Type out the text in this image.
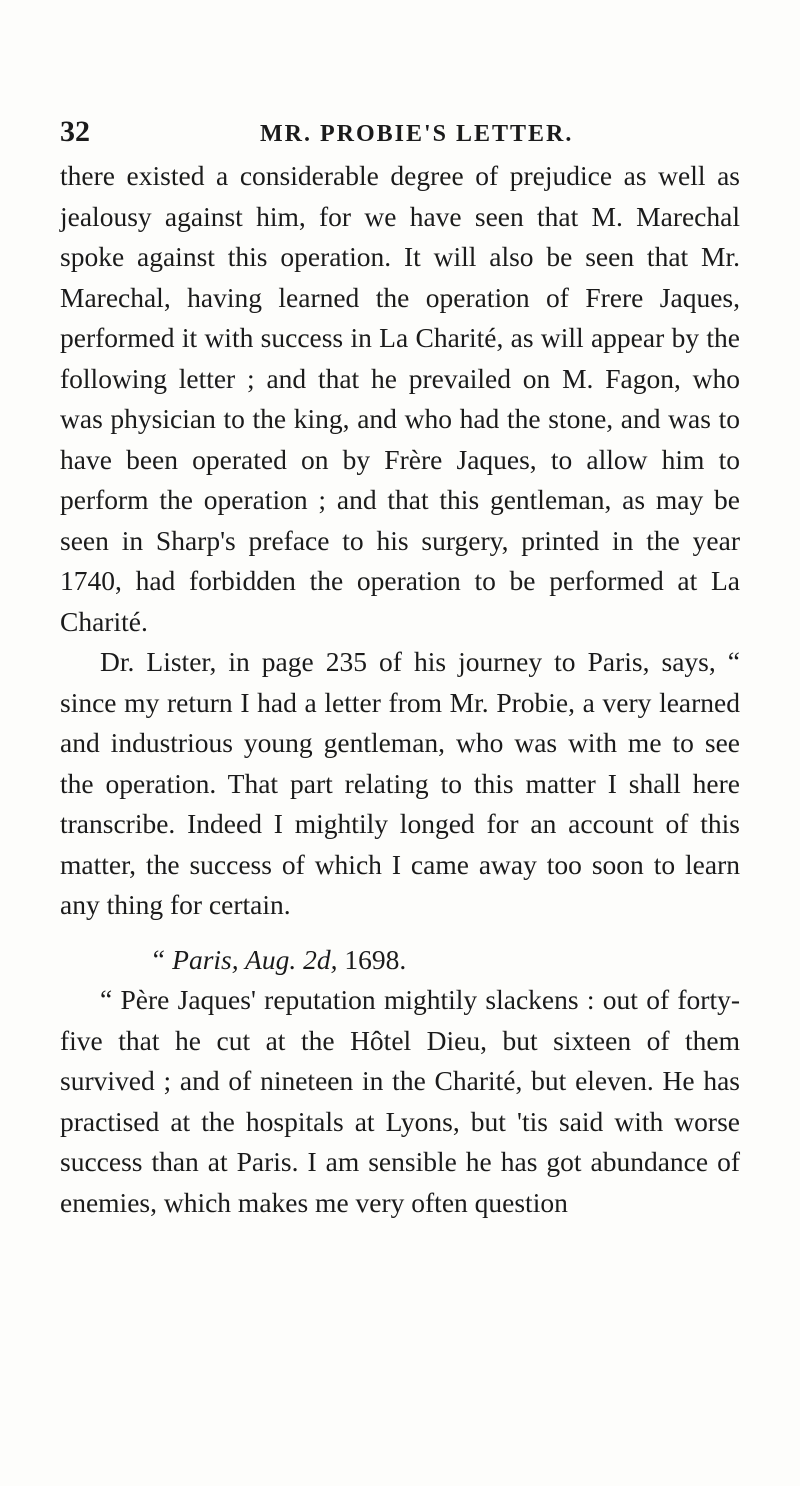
32	MR. PROBIE'S LETTER.

there existed a considerable degree of prejudice as well as jealousy against him, for we have seen that M. Marechal spoke against this operation. It will also be seen that Mr. Marechal, having learned the operation of Frere Jaques, performed it with success in La Charité, as will appear by the following letter ; and that he prevailed on M. Fagon, who was physician to the king, and who had the stone, and was to have been operated on by Frère Jaques, to allow him to perform the operation ; and that this gentleman, as may be seen in Sharp's preface to his surgery, printed in the year 1740, had forbidden the operation to be performed at La Charité.

Dr. Lister, in page 235 of his journey to Paris, says, “ since my return I had a letter from Mr. Probie, a very learned and industrious young gentleman, who was with me to see the operation. That part relating to this matter I shall here transcribe. Indeed I mightily longed for an account of this matter, the success of which I came away too soon to learn any thing for certain.

“ Paris, Aug. 2d, 1698.

“ Père Jaques' reputation mightily slackens : out of forty-five that he cut at the Hôtel Dieu, but sixteen of them survived ; and of nineteen in the Charité, but eleven. He has practised at the hospitals at Lyons, but 'tis said with worse success than at Paris. I am sensible he has got abundance of enemies, which makes me very often question
